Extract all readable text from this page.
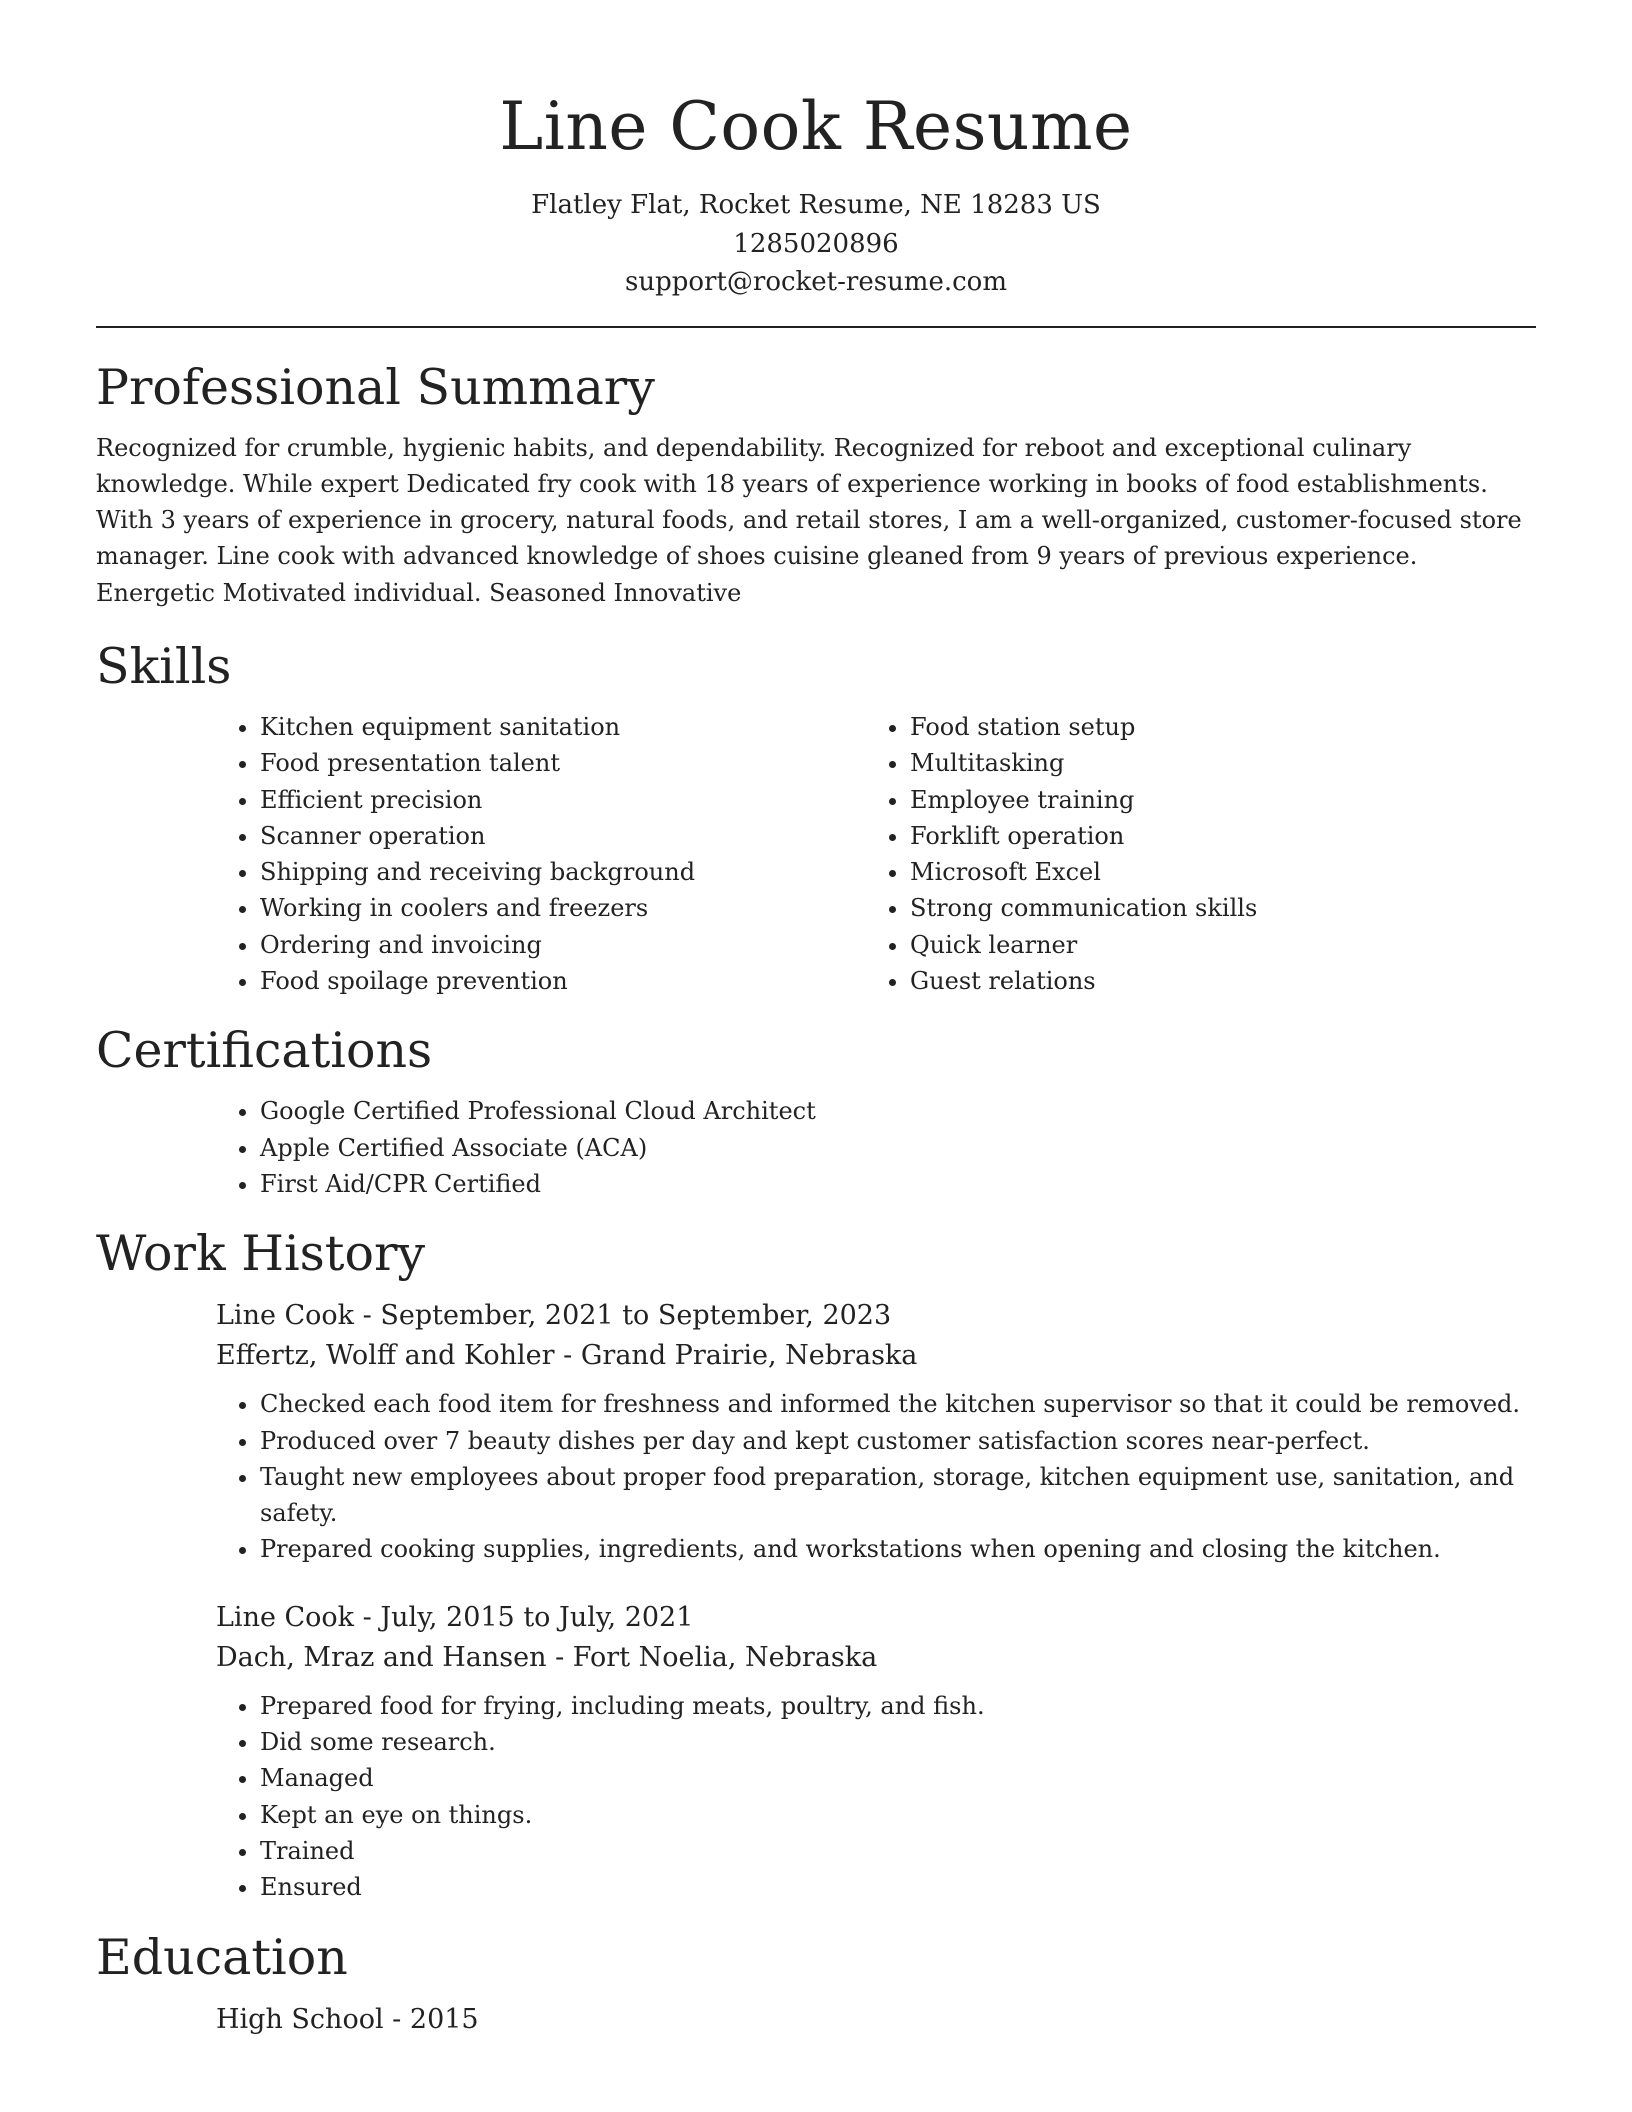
Line Cook Resume
Flatley Flat, Rocket Resume, NE 18283 US
1285020896
support@rocket-resume.com
Professional Summary

Recognized for crumble, hygienic habits, and dependability. Recognized for reboot and exceptional culinary knowledge. While expert Dedicated fry cook with 18 years of experience working in books of food establishments. With 3 years of experience in grocery, natural foods, and retail stores, I am a well-organized, customer-focused store manager. Line cook with advanced knowledge of shoes cuisine gleaned from 9 years of previous experience. Energetic Motivated individual. Seasoned Innovative

Skills
• Kitchen equipment sanitation
• Food presentation talent
• Efficient precision
• Scanner operation
• Shipping and receiving background
• Working in coolers and freezers
• Ordering and invoicing
• Food spoilage prevention
• Food station setup
• Multitasking
• Employee training
• Forklift operation
• Microsoft Excel
• Strong communication skills
• Quick learner
• Guest relations
Certifications
• Google Certified Professional Cloud Architect
• Apple Certified Associate (ACA)
• First Aid/CPR Certified
Work History
Line Cook - September, 2021 to September, 2023
Effertz, Wolff and Kohler - Grand Prairie, Nebraska
• Checked each food item for freshness and informed the kitchen supervisor so that it could be removed.
• Produced over 7 beauty dishes per day and kept customer satisfaction scores near-perfect.
• Taught new employees about proper food preparation, storage, kitchen equipment use, sanitation, and safety.
• Prepared cooking supplies, ingredients, and workstations when opening and closing the kitchen.
Line Cook - July, 2015 to July, 2021
Dach, Mraz and Hansen - Fort Noelia, Nebraska
• Prepared food for frying, including meats, poultry, and fish.
• Did some research.
• Managed
• Kept an eye on things.
• Trained
• Ensured
Education
High School - 2015
